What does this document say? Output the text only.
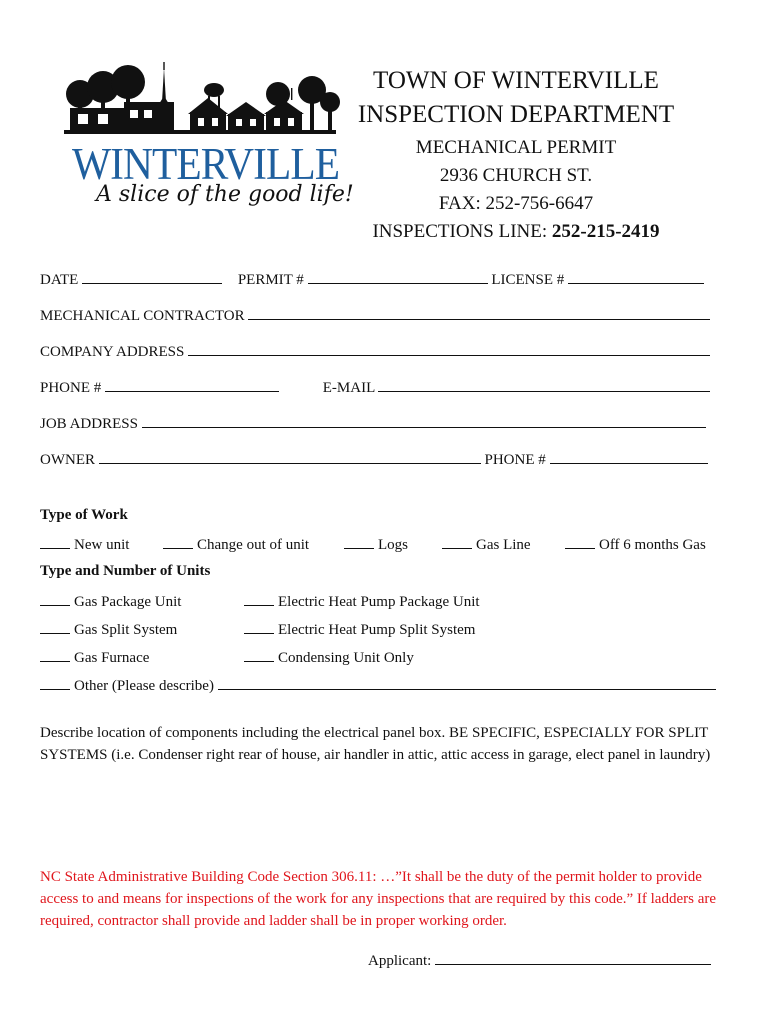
WINTERVILLE
A slice of the good life!
TOWN OF WINTERVILLE
INSPECTION DEPARTMENT
MECHANICAL PERMIT
2936 CHURCH ST.
FAX: 252-756-6647
INSPECTIONS LINE: 252-215-2419
DATE	PERMIT #	LICENSE #
MECHANICAL CONTRACTOR
COMPANY ADDRESS
PHONE #	E-MAIL
JOB ADDRESS
OWNER	PHONE #
Type of Work
New unit	Change out of unit	Logs	Gas Line	Off 6 months Gas
Type and Number of Units
Gas Package Unit	Electric Heat Pump Package Unit
Gas Split System	Electric Heat Pump Split System
Gas Furnace	Condensing Unit Only
Other (Please describe)
Describe location of components including the electrical panel box. BE SPECIFIC, ESPECIALLY FOR SPLIT SYSTEMS (i.e. Condenser right rear of house, air handler in attic, attic access in garage, elect panel in laundry)
NC State Administrative Building Code Section 306.11: …”It shall be the duty of the permit holder to provide access to and means for inspections of the work for any inspections that are required by this code.” If ladders are required, contractor shall provide and ladder shall be in proper working order.
Applicant:
